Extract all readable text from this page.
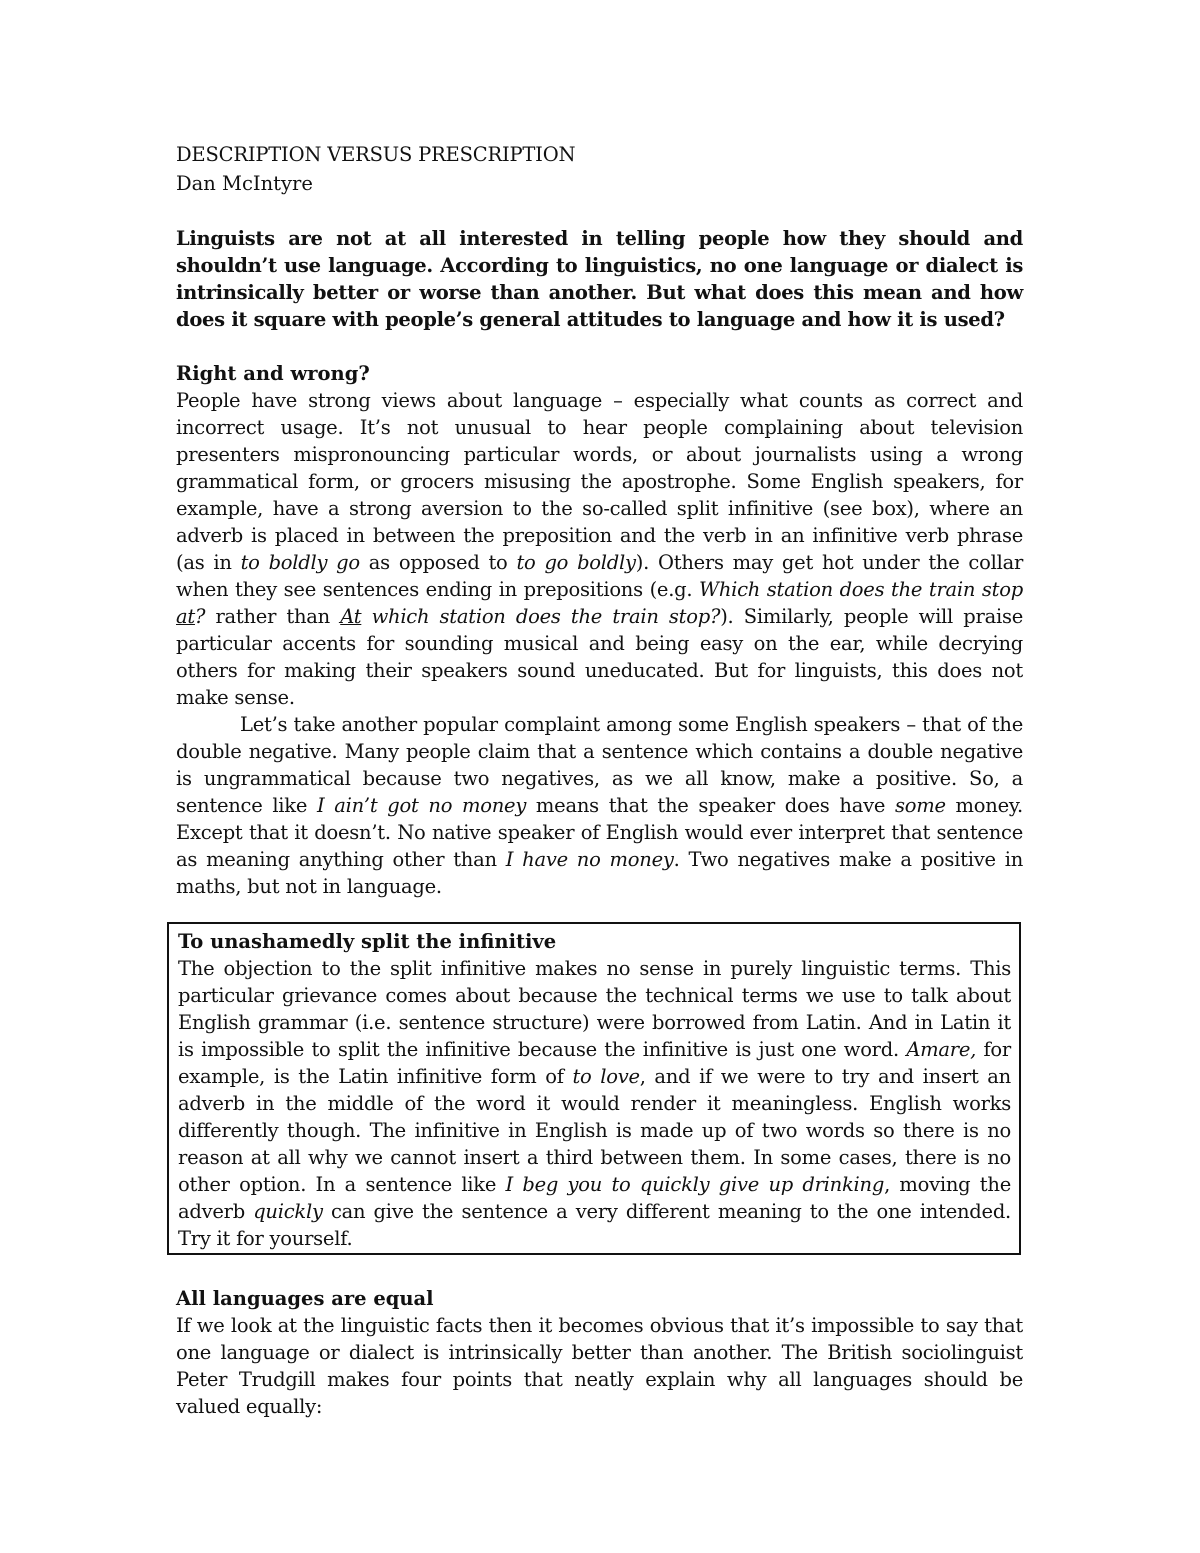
DESCRIPTION VERSUS PRESCRIPTION

Dan McIntyre

Linguists are not at all interested in telling people how they should and shouldn’t use language. According to linguistics, no one language or dialect is intrinsically better or worse than another. But what does this mean and how does it square with people’s general attitudes to language and how it is used?

Right and wrong?

People have strong views about language – especially what counts as correct and incorrect usage. It’s not unusual to hear people complaining about television presenters mispronouncing particular words, or about journalists using a wrong grammatical form, or grocers misusing the apostrophe. Some English speakers, for example, have a strong aversion to the so-called split infinitive (see box), where an adverb is placed in between the preposition and the verb in an infinitive verb phrase (as in to boldly go as opposed to to go boldly). Others may get hot under the collar when they see sentences ending in prepositions (e.g. Which station does the train stop at? rather than At which station does the train stop?). Similarly, people will praise particular accents for sounding musical and being easy on the ear, while decrying others for making their speakers sound uneducated. But for linguists, this does not make sense.

Let’s take another popular complaint among some English speakers – that of the double negative. Many people claim that a sentence which contains a double negative is ungrammatical because two negatives, as we all know, make a positive. So, a sentence like I ain’t got no money means that the speaker does have some money. Except that it doesn’t. No native speaker of English would ever interpret that sentence as meaning anything other than I have no money. Two negatives make a positive in maths, but not in language.

To unashamedly split the infinitive

The objection to the split infinitive makes no sense in purely linguistic terms. This particular grievance comes about because the technical terms we use to talk about English grammar (i.e. sentence structure) were borrowed from Latin. And in Latin it is impossible to split the infinitive because the infinitive is just one word. Amare, for example, is the Latin infinitive form of to love, and if we were to try and insert an adverb in the middle of the word it would render it meaningless. English works differently though. The infinitive in English is made up of two words so there is no reason at all why we cannot insert a third between them. In some cases, there is no other option. In a sentence like I beg you to quickly give up drinking, moving the adverb quickly can give the sentence a very different meaning to the one intended. Try it for yourself.

All languages are equal

If we look at the linguistic facts then it becomes obvious that it’s impossible to say that one language or dialect is intrinsically better than another. The British sociolinguist Peter Trudgill makes four points that neatly explain why all languages should be valued equally:
